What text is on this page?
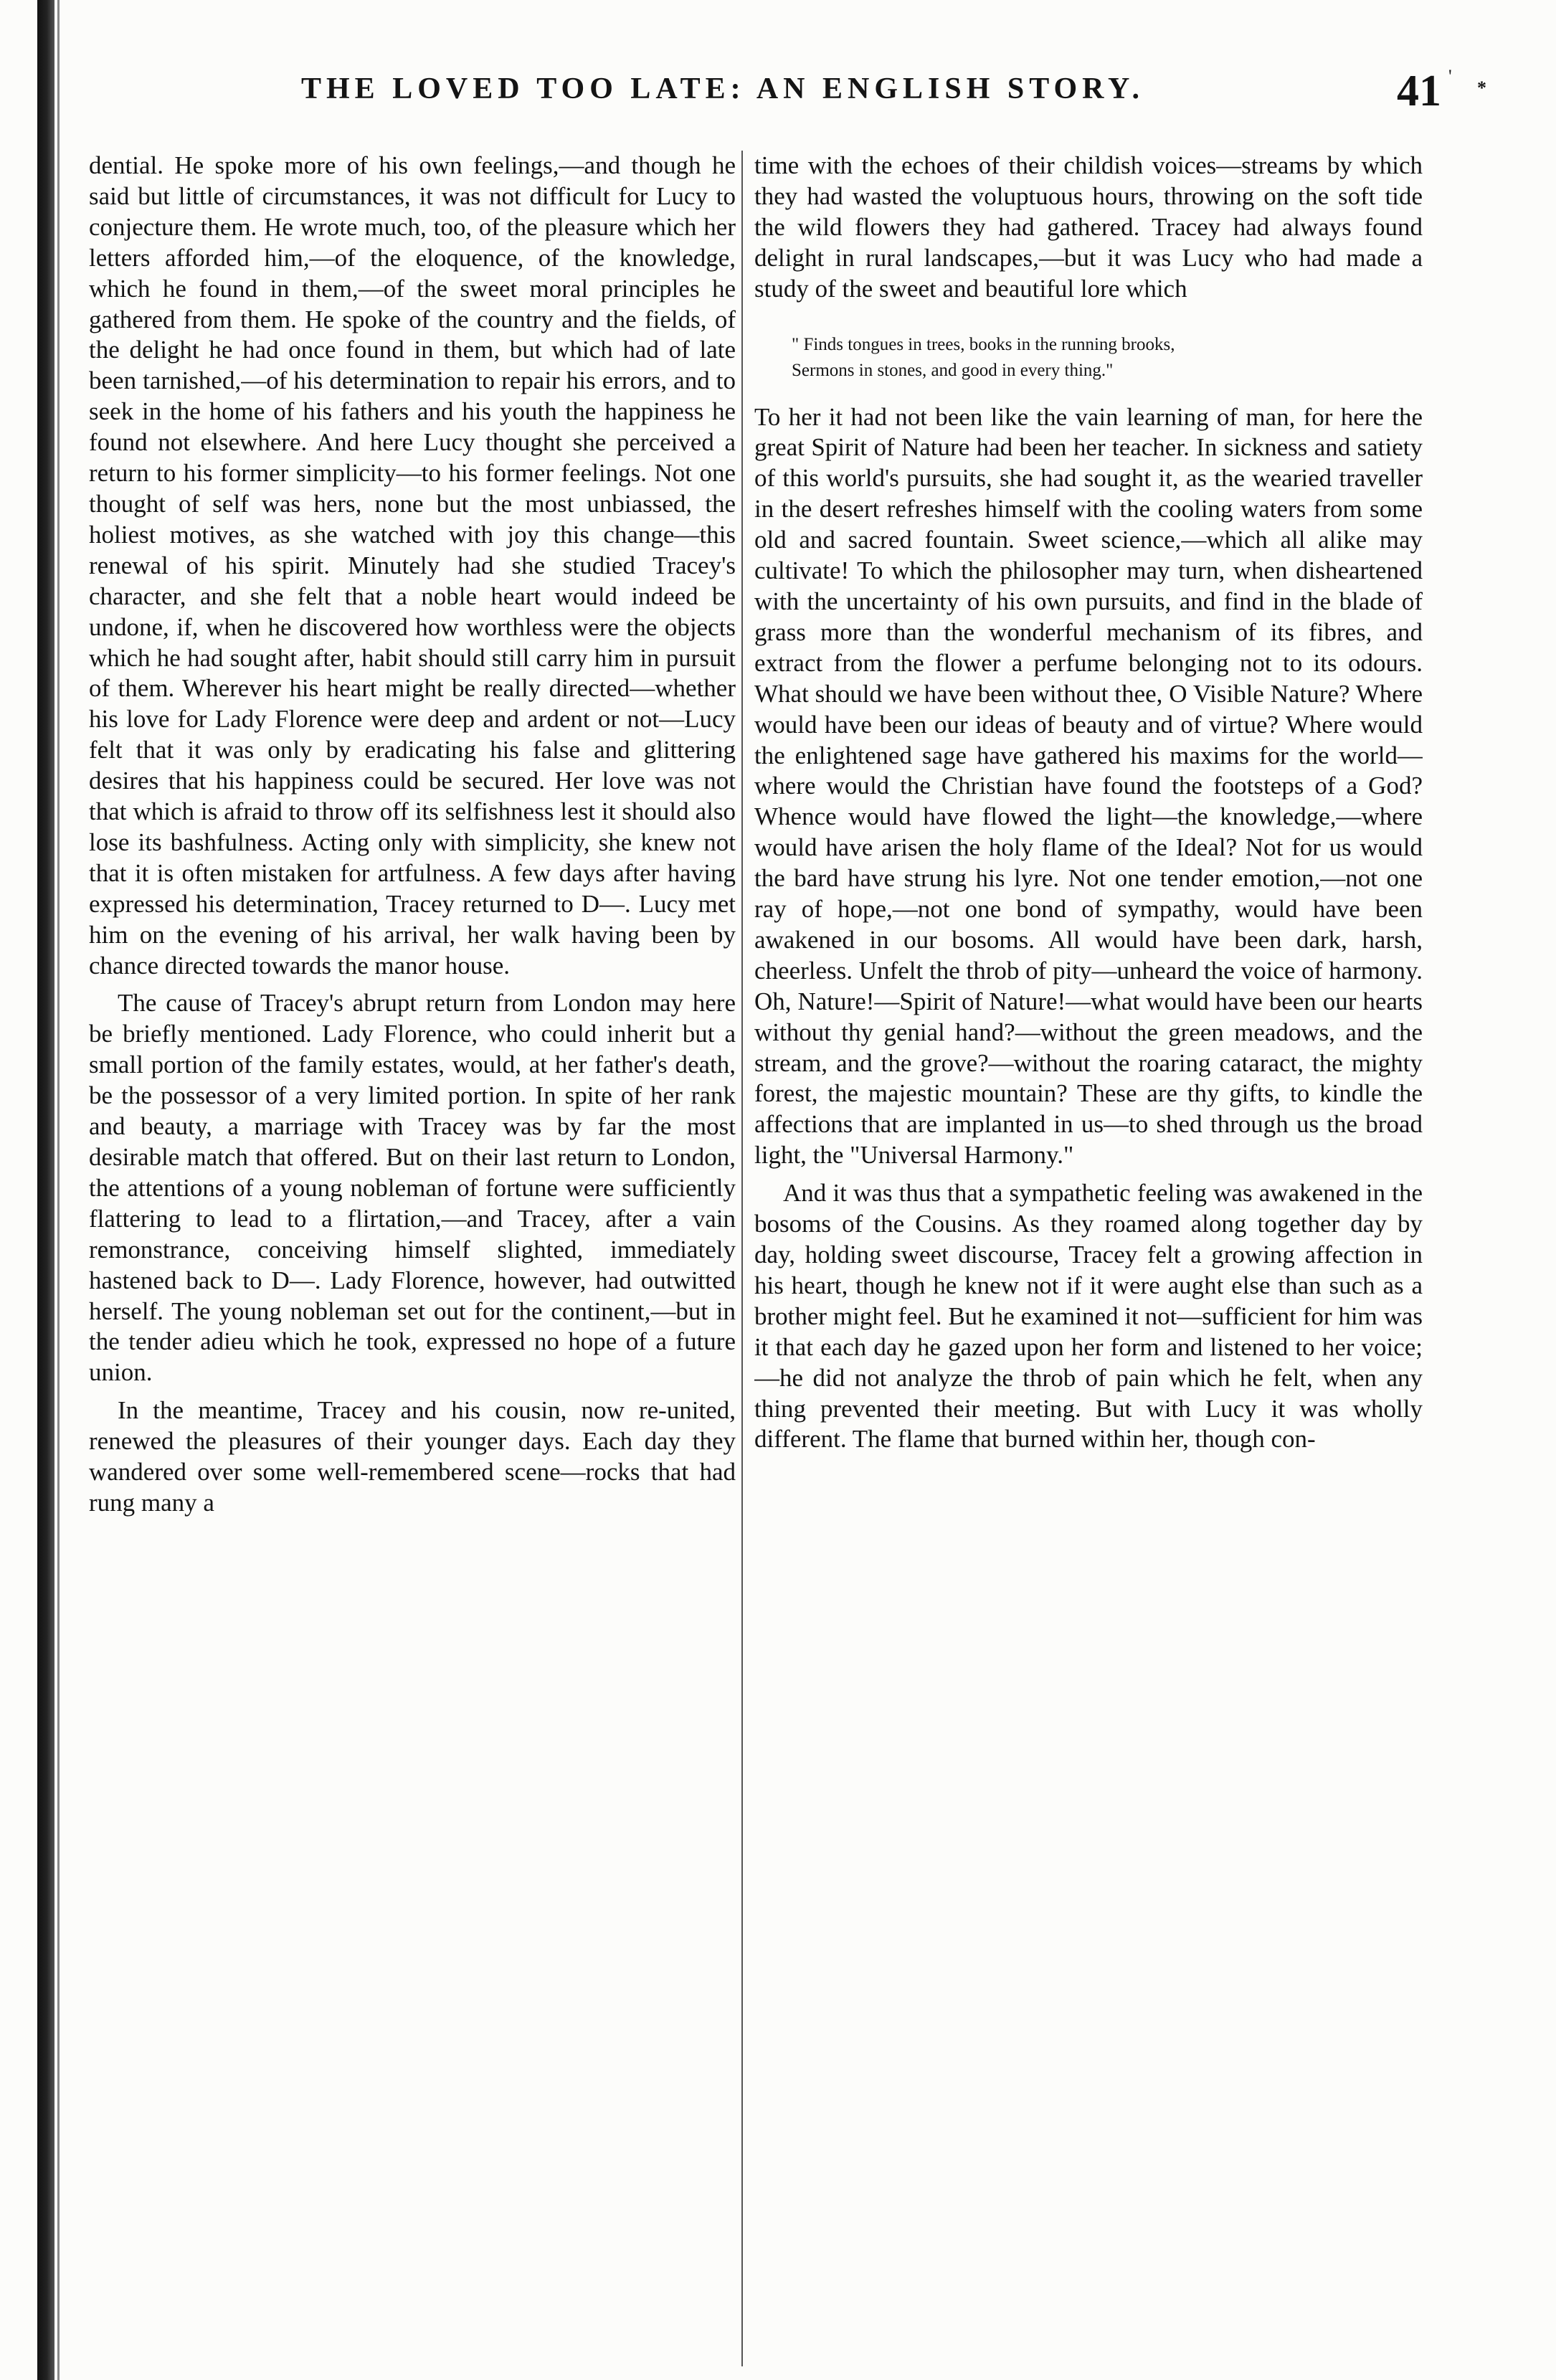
THE LOVED TOO LATE: AN ENGLISH STORY.	*
41 '

dential. He spoke more of his own feelings,—and though he said but little of circumstances, it was not difficult for Lucy to conjecture them. He wrote much, too, of the pleasure which her letters afforded him,—of the eloquence, of the knowledge, which he found in them,—of the sweet moral principles he gathered from them. He spoke of the country and the fields, of the delight he had once found in them, but which had of late been tarnished,—of his determination to repair his errors, and to seek in the home of his fathers and his youth the happiness he found not elsewhere. And here Lucy thought she perceived a return to his former simplicity—to his former feelings. Not one thought of self was hers, none but the most unbiassed, the holiest motives, as she watched with joy this change—this renewal of his spirit. Minutely had she studied Tracey's character, and she felt that a noble heart would indeed be undone, if, when he discovered how worthless were the objects which he had sought after, habit should still carry him in pursuit of them. Wherever his heart might be really directed—whether his love for Lady Florence were deep and ardent or not—Lucy felt that it was only by eradicating his false and glittering desires that his happiness could be secured. Her love was not that which is afraid to throw off its selfishness lest it should also lose its bashfulness. Acting only with simplicity, she knew not that it is often mistaken for artfulness. A few days after having expressed his determination, Tracey returned to D—. Lucy met him on the evening of his arrival, her walk having been by chance directed towards the manor house.

The cause of Tracey's abrupt return from London may here be briefly mentioned. Lady Florence, who could inherit but a small portion of the family estates, would, at her father's death, be the possessor of a very limited portion. In spite of her rank and beauty, a marriage with Tracey was by far the most desirable match that offered. But on their last return to London, the attentions of a young nobleman of fortune were sufficiently flattering to lead to a flirtation,—and Tracey, after a vain remonstrance, conceiving himself slighted, immediately hastened back to D—. Lady Florence, however, had outwitted herself. The young nobleman set out for the continent,—but in the tender adieu which he took, expressed no hope of a future union.

In the meantime, Tracey and his cousin, now re-united, renewed the pleasures of their younger days. Each day they wandered over some well-remembered scene—rocks that had rung many a

time with the echoes of their childish voices—streams by which they had wasted the voluptuous hours, throwing on the soft tide the wild flowers they had gathered. Tracey had always found delight in rural landscapes,—but it was Lucy who had made a study of the sweet and beautiful lore which

" Finds tongues in trees, books in the running brooks,
Sermons in stones, and good in every thing."

To her it had not been like the vain learning of man, for here the great Spirit of Nature had been her teacher. In sickness and satiety of this world's pursuits, she had sought it, as the wearied traveller in the desert refreshes himself with the cooling waters from some old and sacred fountain. Sweet science,—which all alike may cultivate! To which the philosopher may turn, when disheartened with the uncertainty of his own pursuits, and find in the blade of grass more than the wonderful mechanism of its fibres, and extract from the flower a perfume belonging not to its odours. What should we have been without thee, O Visible Nature? Where would have been our ideas of beauty and of virtue? Where would the enlightened sage have gathered his maxims for the world—where would the Christian have found the footsteps of a God? Whence would have flowed the light—the knowledge,—where would have arisen the holy flame of the Ideal? Not for us would the bard have strung his lyre. Not one tender emotion,—not one ray of hope,—not one bond of sympathy, would have been awakened in our bosoms. All would have been dark, harsh, cheerless. Unfelt the throb of pity—unheard the voice of harmony. Oh, Nature!—Spirit of Nature!—what would have been our hearts without thy genial hand?—without the green meadows, and the stream, and the grove?—without the roaring cataract, the mighty forest, the majestic mountain? These are thy gifts, to kindle the affections that are implanted in us—to shed through us the broad light, the "Universal Harmony."

And it was thus that a sympathetic feeling was awakened in the bosoms of the Cousins. As they roamed along together day by day, holding sweet discourse, Tracey felt a growing affection in his heart, though he knew not if it were aught else than such as a brother might feel. But he examined it not—sufficient for him was it that each day he gazed upon her form and listened to her voice;—he did not analyze the throb of pain which he felt, when any thing prevented their meeting. But with Lucy it was wholly different. The flame that burned within her, though con-
